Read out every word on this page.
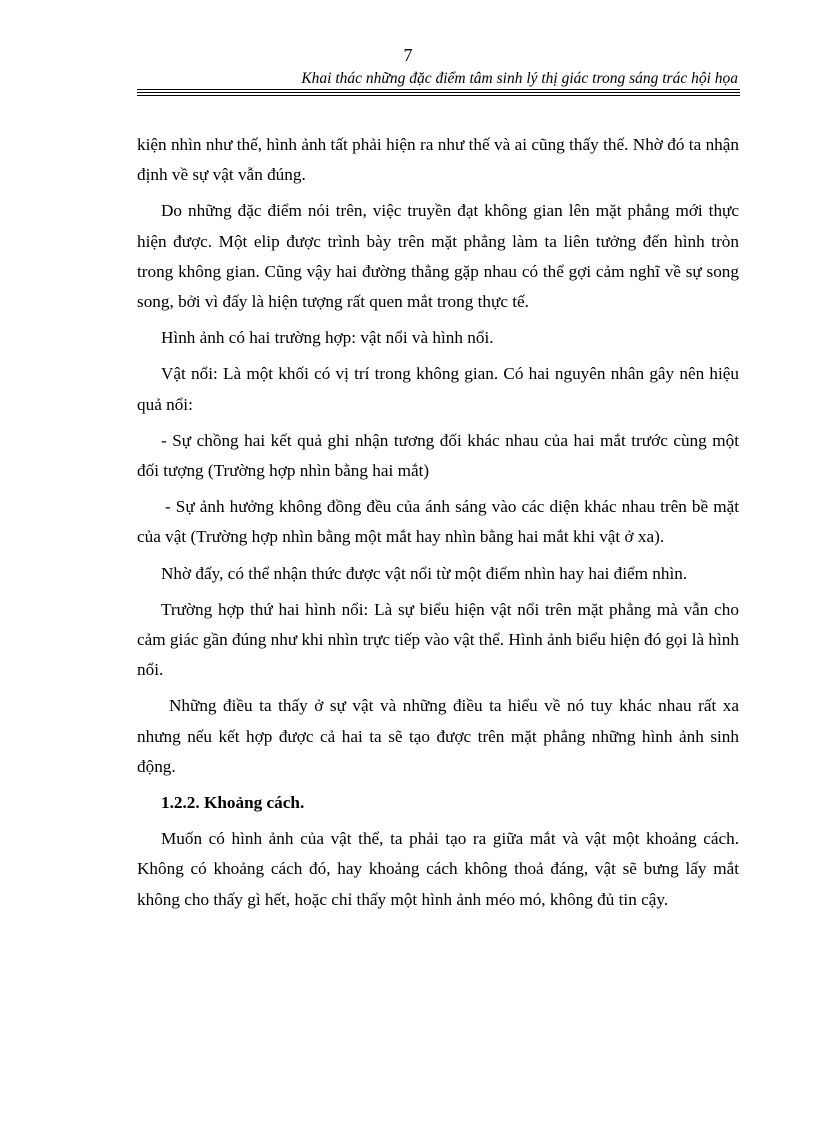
7
Khai thác những đặc điểm tâm sinh lý thị giác trong sáng trác hội họa

kiện nhìn như thế, hình ảnh tất phải hiện ra như thế và ai cũng thấy thế. Nhờ đó ta nhận định về sự vật vẫn đúng.

Do những đặc điểm nói trên, việc truyền đạt không gian lên mặt phẳng mới thực hiện được. Một elip được trình bày trên mặt phẳng làm ta liên tưởng đến hình tròn trong không gian. Cũng vậy hai đường thẳng gặp nhau có thể gợi cảm nghĩ về sự song song, bởi vì đấy là hiện tượng rất quen mắt trong thực tế.

Hình ảnh có hai trường hợp: vật nổi và hình nổi.

Vật nổi: Là một khối có vị trí trong không gian. Có hai nguyên nhân gây nên hiệu quả nổi:

- Sự chồng hai kết quả ghi nhận tương đối khác nhau của hai mắt trước cùng một đối tượng (Trường hợp nhìn bằng hai mắt)

- Sự ảnh hưởng không đồng đều của ánh sáng vào các diện khác nhau trên bề mặt của vật (Trường hợp nhìn bằng một mắt hay nhìn bằng hai mắt khi vật ở xa).

Nhờ đấy, có thể nhận thức được vật nổi từ một điểm nhìn hay hai điểm nhìn.

Trường hợp thứ hai hình nổi: Là sự biểu hiện vật nổi trên mặt phẳng mà vẫn cho cảm giác gần đúng như khi nhìn trực tiếp vào vật thể. Hình ảnh biểu hiện đó gọi là hình nổi.

Những điều ta thấy ở sự vật và những điều ta hiểu về nó tuy khác nhau rất xa nhưng nếu kết hợp được cả hai ta sẽ tạo được trên mặt phẳng những hình ảnh sinh động.

1.2.2. Khoảng cách.

Muốn có hình ảnh của vật thể, ta phải tạo ra giữa mắt và vật một khoảng cách. Không có khoảng cách đó, hay khoảng cách không thoả đáng, vật sẽ bưng lấy mắt không cho thấy gì hết, hoặc chỉ thấy một hình ảnh méo mó, không đủ tin cậy.
